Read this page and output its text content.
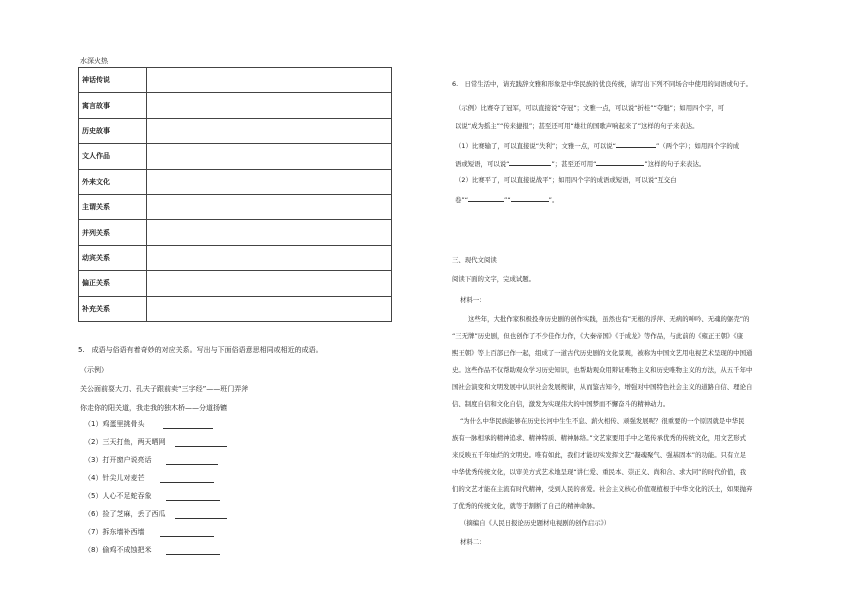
水深火热
神话传说	
寓言故事	
历史故事	
文人作品	
外来文化	
主谓关系	
并列关系	
动宾关系	
偏正关系	
补充关系	
5.　成语与俗语有着奇妙的对应关系。写出与下面俗语意思相同或相近的成语。
（示例）
关公面前耍大刀、孔夫子跟前卖“三字经”——班门弄斧
你走你的阳关道，我走我的独木桥——分道扬镳
（1）鸡蛋里挑骨头
（2）三天打鱼，两天晒网
（3）打开窗户说亮话
（4）针尖儿对麦芒
（5）人心不足蛇吞象
（6）捡了芝麻，丢了西瓜
（7）拆东墙补西墙
（8）偷鸡不成蚀把米
6.　日常生活中，请充践辞文雅和形象是中华民族的优良传统，请写出下列不同场合中使用的词语或句子。
（示例）比赛夺了冠军，可以直接说“夺冠”；文雅一点，可以说“折桂”“夺魁”；如用四个字，可
以说“成为摇主”“传来捷报”；甚至还可用“雄壮的国歌声响起来了”这样的句子来表达。
（1）比赛输了，可以直接说“失利”；文雅一点，可以说“	”（两个字）；如用四个字的成
语或短语，可以说“	”；甚至还可用“	”这样的句子来表达。
（2）比赛平了，可以直接说战平”；如用四个字的成语或短语，可以说“互交白
卷”“	”“	”。
三、现代文阅读
阅读下面的文字，完成试题。
材料一：
这些年，大批作家积极投身历史剧的创作实践，虽然也有“无根的浮萍、无病的呻吟、无魂的躯壳”的
“三无牌”历史剧，但也创作了不少佳作力作，《大秦帝国》《于成龙》等作品，与此前的《雍正王朝》《康
熙王朝》等上百部已作一起，组成了一道古代历史剧的文化景观，被称为中国文艺用电视艺术呈现的中国通
史。这些作品不仅帮助观众学习历史知识，也帮助观众用辩证唯物主义和历史唯物主义的方法，从五千年中
国社会演变和文明发展中认识社会发展规律，从而鉴古知今，增强对中国特色社会主义的道路自信、理论自
信、制度自信和文化自信，激发为实现伟大的中国梦而不懈奋斗的精神动力。
“为什么中华民族能够在历史长河中生生不息、薪火相传、顽强发展呢？很重要的一个原因就是中华民
族有一脉相承的精神追求、精神特质、精神脉络。”文艺家要用手中之笔传承优秀的传统文化，用文艺形式
来反映五千年灿烂的文明史。唯有如此，我们才能切实发挥文艺“凝魂聚气、强基固本”的功能。只有立足
中华优秀传统文化，以审美方式艺术地呈现“讲仁爱、重民本、崇正义、尚和合、求大同”的时代价值，我
们的文艺才能在主流有时代精神，受到人民的喜爱。社会主义核心价值观植根于中华文化的沃土，如果抛弃
了优秀的传统文化，就等于割断了自己的精神命脉。
（摘编自《人民日报论历史题材电视剧的创作启示》）
材料二：
